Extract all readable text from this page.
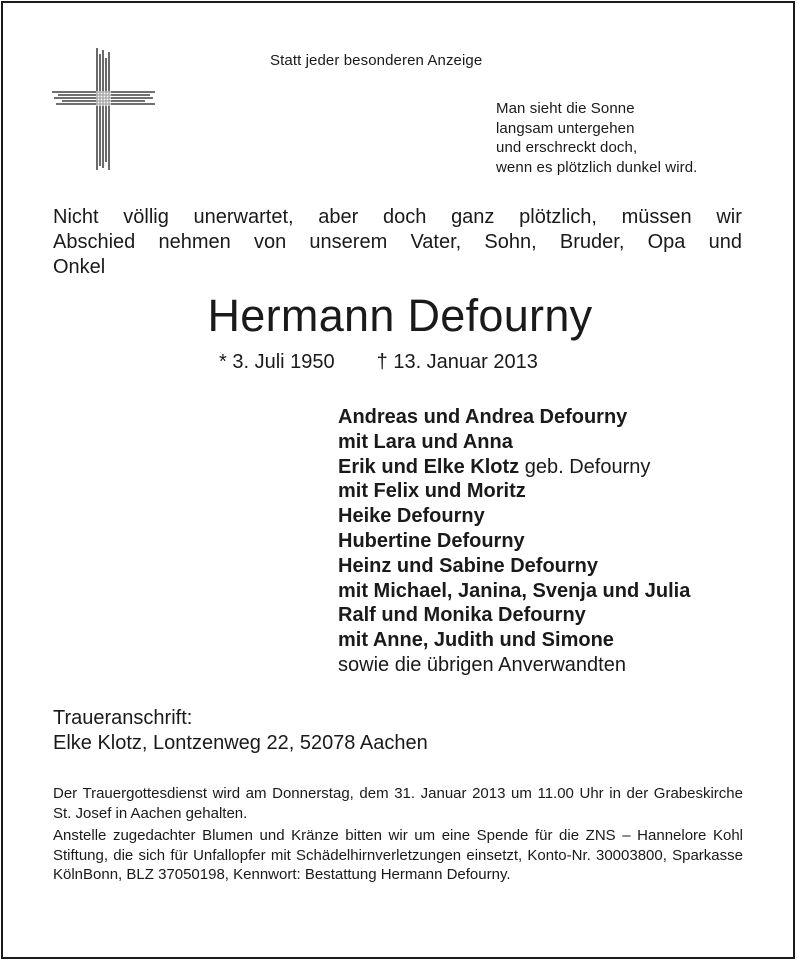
Statt jeder besonderen Anzeige
Man sieht die Sonne
langsam untergehen
und erschreckt doch,
wenn es plötzlich dunkel wird.
Nicht völlig unerwartet, aber doch ganz plötzlich, müssen wir
Abschied nehmen von unserem Vater, Sohn, Bruder, Opa und
Onkel
Hermann Defourny
* 3. Juli 1950 † 13. Januar 2013
Andreas und Andrea Defourny
mit Lara und Anna
Erik und Elke Klotz geb. Defourny
mit Felix und Moritz
Heike Defourny
Hubertine Defourny
Heinz und Sabine Defourny
mit Michael, Janina, Svenja und Julia
Ralf und Monika Defourny
mit Anne, Judith und Simone
sowie die übrigen Anverwandten
Traueranschrift:
Elke Klotz, Lontzenweg 22, 52078 Aachen
Der Trauergottesdienst wird am Donnerstag, dem 31. Januar 2013 um 11.00 Uhr in der Grabeskirche St. Josef in Aachen gehalten.
Anstelle zugedachter Blumen und Kränze bitten wir um eine Spende für die ZNS – Hannelore Kohl Stiftung, die sich für Unfallopfer mit Schädelhirnverletzungen einsetzt, Konto-Nr. 30003800, Sparkasse KölnBonn, BLZ 37050198, Kennwort: Bestattung Hermann Defourny.
